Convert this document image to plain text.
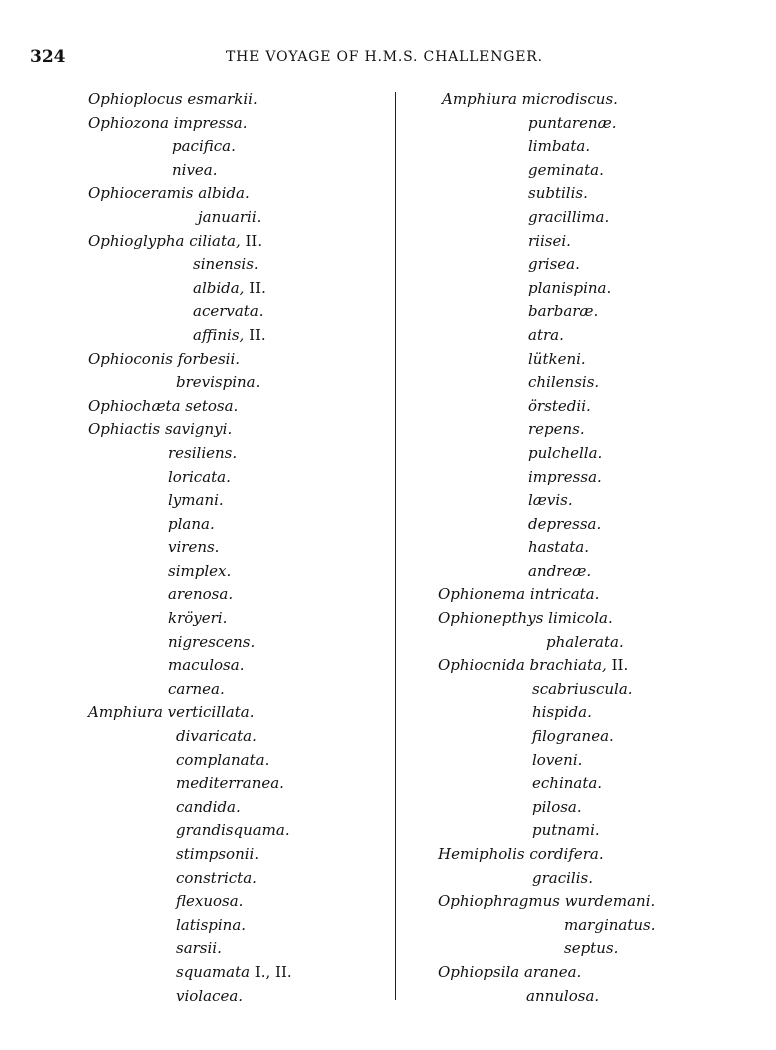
324	THE VOYAGE OF H.M.S. CHALLENGER.
Ophioplocus esmarkii.
Ophiozona impressa.
pacifica.
nivea.
Ophioceramis albida.
januarii.
Ophioglypha ciliata, II.
sinensis.
albida, II.
acervata.
affinis, II.
Ophioconis forbesii.
brevispina.
Ophiochæta setosa.
Ophiactis savignyi.
resiliens.
loricata.
lymani.
plana.
virens.
simplex.
arenosa.
kröyeri.
nigrescens.
maculosa.
carnea.
Amphiura verticillata.
divaricata.
complanata.
mediterranea.
candida.
grandisquama.
stimpsonii.
constricta.
flexuosa.
latispina.
sarsii.
squamata I., II.
violacea.
Amphiura microdiscus.
puntarenæ.
limbata.
geminata.
subtilis.
gracillima.
riisei.
grisea.
planispina.
barbaræ.
atra.
lütkeni.
chilensis.
örstedii.
repens.
pulchella.
impressa.
lævis.
depressa.
hastata.
andreæ.
Ophionema intricata.
Ophionepthys limicola.
phalerata.
Ophiocnida brachiata, II.
scabriuscula.
hispida.
filogranea.
loveni.
echinata.
pilosa.
putnami.
Hemipholis cordifera.
gracilis.
Ophiophragmus wurdemani.
marginatus.
septus.
Ophiopsila aranea.
annulosa.
